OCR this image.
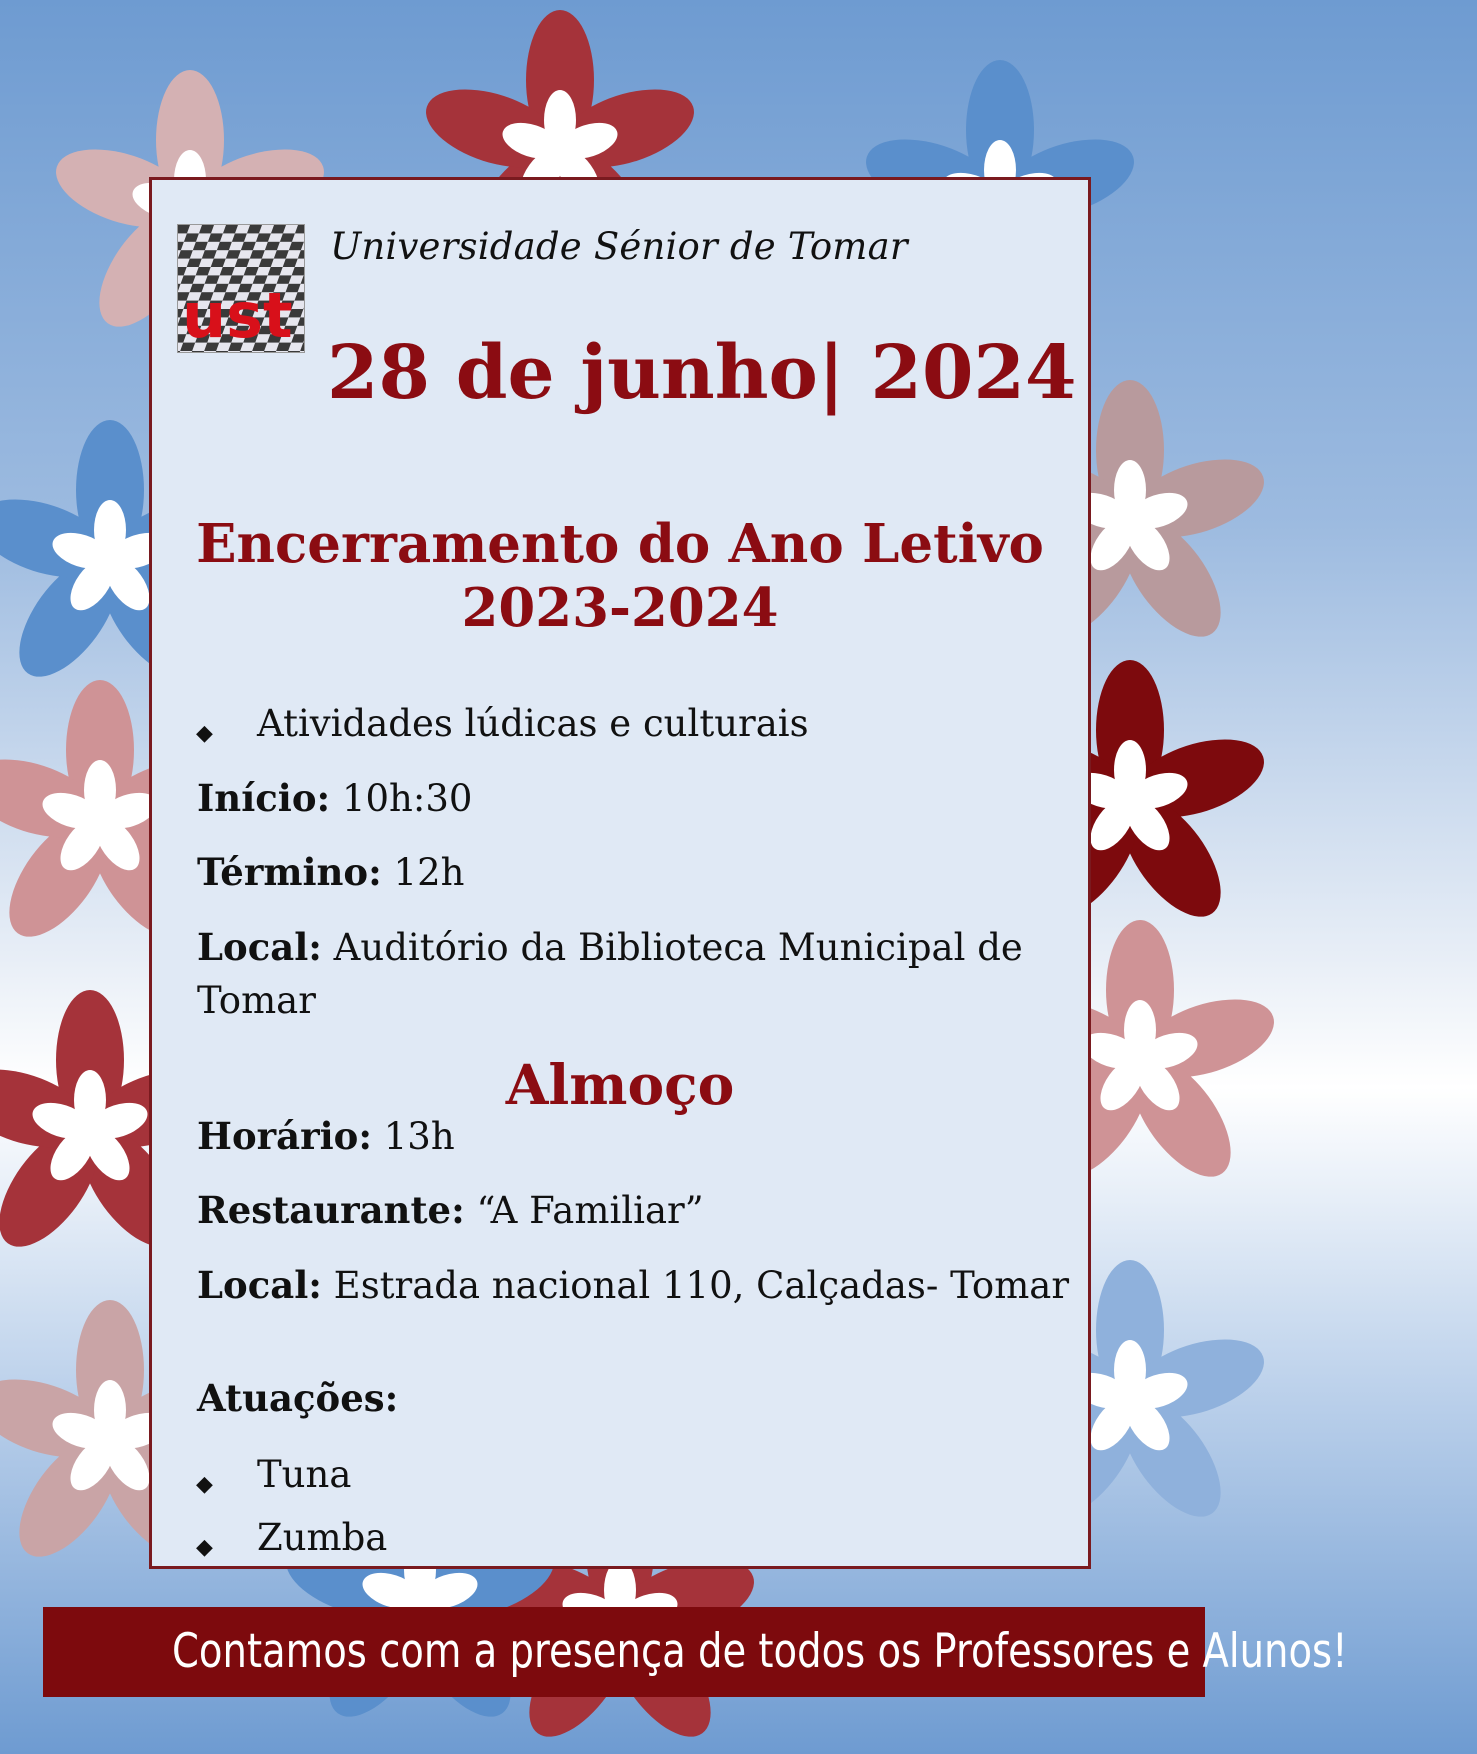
ust
Universidade Sénior de Tomar
28 de junho| 2024
Encerramento do Ano Letivo
2023-2024
◆ Atividades lúdicas e culturais
Início: 10h:30
Término: 12h
Local: Auditório da Biblioteca Municipal de
Tomar
Almoço
Horário: 13h
Restaurante: “A Familiar”
Local: Estrada nacional 110, Calçadas- Tomar
Atuações:
◆ Tuna
◆ Zumba
Contamos com a presença de todos os Professores e Alunos!
